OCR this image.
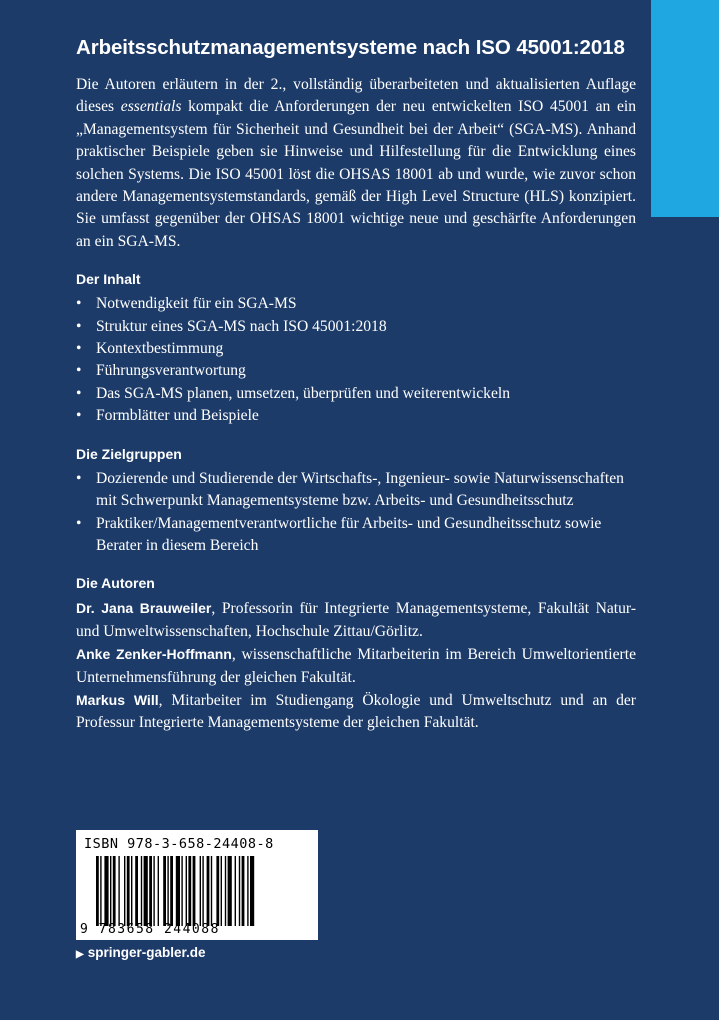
Arbeitsschutzmanagementsysteme nach ISO 45001:2018

Die Autoren erläutern in der 2., vollständig überarbeiteten und aktualisierten Auflage dieses essentials kompakt die Anforderungen der neu entwickelten ISO 45001 an ein „Managementsystem für Sicherheit und Gesundheit bei der Arbeit“ (SGA-MS). Anhand praktischer Beispiele geben sie Hinweise und Hilfestellung für die Entwicklung eines solchen Systems. Die ISO 45001 löst die OHSAS 18001 ab und wurde, wie zuvor schon andere Managementsystemstandards, gemäß der High Level Structure (HLS) konzipiert. Sie umfasst gegenüber der OHSAS 18001 wichtige neue und geschärfte Anforderungen an ein SGA-MS.

Der Inhalt
• Notwendigkeit für ein SGA-MS
• Struktur eines SGA-MS nach ISO 45001:2018
• Kontextbestimmung
• Führungsverantwortung
• Das SGA-MS planen, umsetzen, überprüfen und weiterentwickeln
• Formblätter und Beispiele
Die Zielgruppen
• Dozierende und Studierende der Wirtschafts-, Ingenieur- sowie Naturwissenschaften mit Schwerpunkt Managementsysteme bzw. Arbeits- und Gesundheitsschutz
• Praktiker/Managementverantwortliche für Arbeits- und Gesundheitsschutz sowie Berater in diesem Bereich
Die Autoren

Dr. Jana Brauweiler, Professorin für Integrierte Managementsysteme, Fakultät Natur- und Umweltwissenschaften, Hochschule Zittau/Görlitz.

Anke Zenker-Hoffmann, wissenschaftliche Mitarbeiterin im Bereich Umweltorientierte Unternehmensführung der gleichen Fakultät.

Markus Will, Mitarbeiter im Studiengang Ökologie und Umweltschutz und an der Professur Integrierte Managementsysteme der gleichen Fakultät.

ISBN 978-3-658-24408-8
9 783658 244088
▶ springer-gabler.de
